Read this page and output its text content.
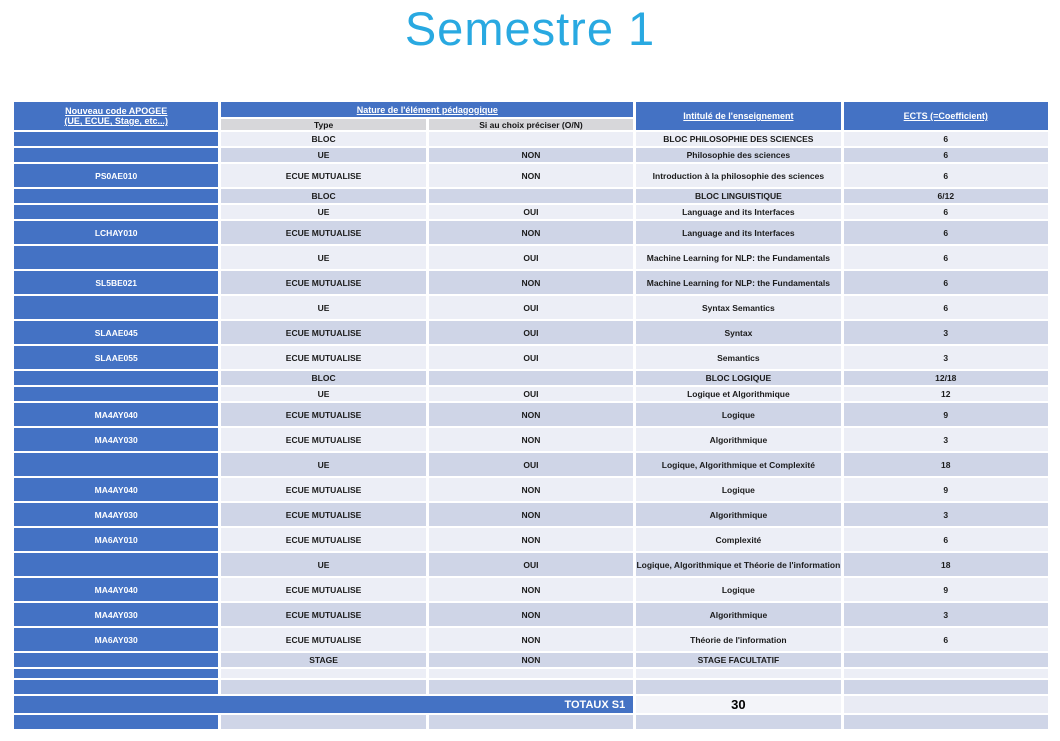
Semestre 1
Nouveau code APOGEE
(UE, ECUE, Stage, etc...)	Nature de l'élément pédagogique		Intitulé de l'enseignement	ECTS (=Coefficient)
	Type	Si au choix préciser (O/N)		
	BLOC		BLOC PHILOSOPHIE DES SCIENCES	6
	UE	NON	Philosophie des sciences	6
PS0AE010	ECUE MUTUALISE	NON	Introduction à la philosophie des sciences	6
	BLOC		BLOC LINGUISTIQUE	6/12
	UE	OUI	Language and its Interfaces	6
LCHAY010	ECUE MUTUALISE	NON	Language and its Interfaces	6
	UE	OUI	Machine Learning for NLP: the Fundamentals	6
SL5BE021	ECUE MUTUALISE	NON	Machine Learning for NLP: the Fundamentals	6
	UE	OUI	Syntax Semantics	6
SLAAE045	ECUE MUTUALISE	OUI	Syntax	3
SLAAE055	ECUE MUTUALISE	OUI	Semantics	3
	BLOC		BLOC LOGIQUE	12/18
	UE	OUI	Logique et Algorithmique	12
MA4AY040	ECUE MUTUALISE	NON	Logique	9
MA4AY030	ECUE MUTUALISE	NON	Algorithmique	3
	UE	OUI	Logique, Algorithmique et Complexité	18
MA4AY040	ECUE MUTUALISE	NON	Logique	9
MA4AY030	ECUE MUTUALISE	NON	Algorithmique	3
MA6AY010	ECUE MUTUALISE	NON	Complexité	6
	UE	OUI	Logique, Algorithmique et Théorie de l'information	18
MA4AY040	ECUE MUTUALISE	NON	Logique	9
MA4AY030	ECUE MUTUALISE	NON	Algorithmique	3
MA6AY030	ECUE MUTUALISE	NON	Théorie de l'information	6
	STAGE	NON	STAGE FACULTATIF	

TOTAUX S1			30	
